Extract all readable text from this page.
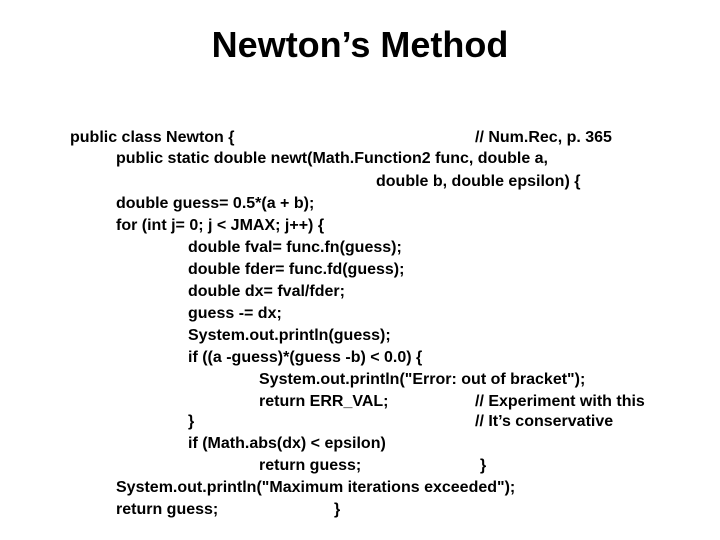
Newton’s Method
public class Newton {	// Num.Rec, p. 365
public static double newt(Math.Function2 func, double a,
double b, double epsilon) {
double guess= 0.5*(a + b);
for (int j= 0; j < JMAX; j++) {
double fval= func.fn(guess);
double fder= func.fd(guess);
double dx= fval/fder;
guess -= dx;
System.out.println(guess);
if ((a -guess)*(guess -b) < 0.0) {
System.out.println("Error: out of bracket");
return ERR_VAL;	// Experiment with this
}	// It’s conservative
if (Math.abs(dx) < epsilon)
return guess;	}
System.out.println("Maximum iterations exceeded");
return guess;	}
